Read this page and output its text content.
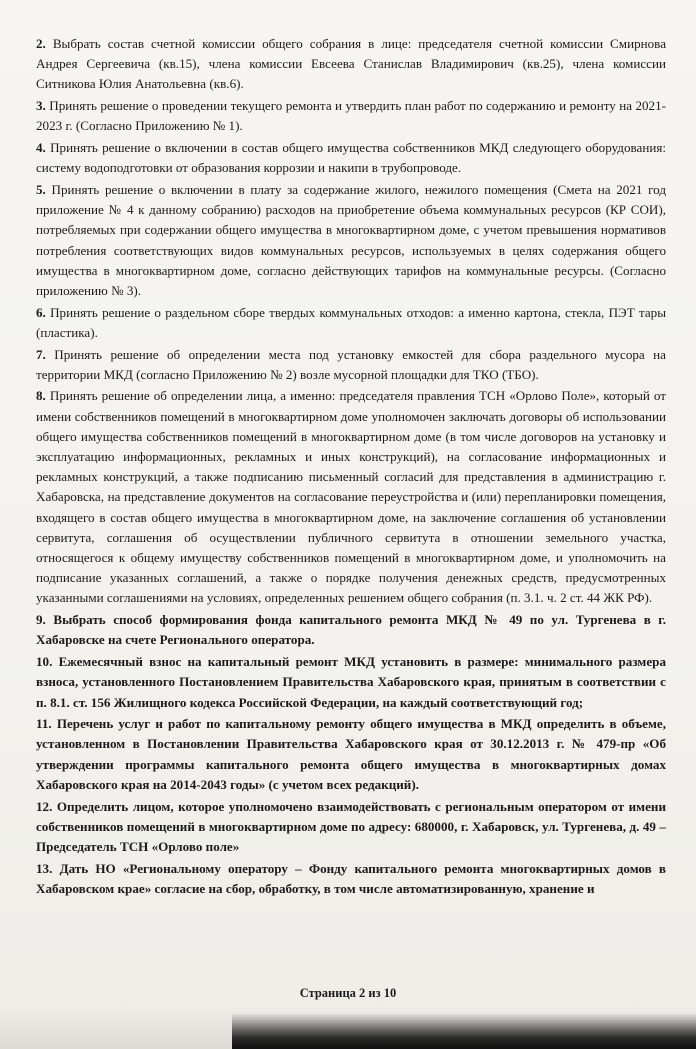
2. Выбрать состав счетной комиссии общего собрания в лице: председателя счетной комиссии Смирнова Андрея Сергеевича (кв.15), члена комиссии Евсеева Станислав Владимирович (кв.25), члена комиссии Ситникова Юлия Анатольевна (кв.6).
3. Принять решение о проведении текущего ремонта и утвердить план работ по содержанию и ремонту на 2021-2023 г. (Согласно Приложению № 1).
4. Принять решение о включении в состав общего имущества собственников МКД следующего оборудования: систему водоподготовки от образования коррозии и накипи в трубопроводе.
5. Принять решение о включении в плату за содержание жилого, нежилого помещения (Смета на 2021 год приложение № 4 к данному собранию) расходов на приобретение объема коммунальных ресурсов (КР СОИ), потребляемых при содержании общего имущества в многоквартирном доме, с учетом превышения нормативов потребления соответствующих видов коммунальных ресурсов, используемых в целях содержания общего имущества в многоквартирном доме, согласно действующих тарифов на коммунальные ресурсы. (Согласно приложению № 3).
6. Принять решение о раздельном сборе твердых коммунальных отходов: а именно картона, стекла, ПЭТ тары (пластика).
7. Принять решение об определении места под установку емкостей для сбора раздельного мусора на территории МКД (согласно Приложению № 2) возле мусорной площадки для ТКО (ТБО).
8. Принять решение об определении лица, а именно: председателя правления ТСН «Орлово Поле», который от имени собственников помещений в многоквартирном доме уполномочен заключать договоры об использовании общего имущества собственников помещений в многоквартирном доме (в том числе договоров на установку и эксплуатацию информационных, рекламных и иных конструкций), на согласование информационных и рекламных конструкций, а также подписанию письменный согласий для представления в администрацию г. Хабаровска, на представление документов на согласование переустройства и (или) перепланировки помещения, входящего в состав общего имущества в многоквартирном доме, на заключение соглашения об установлении сервитута, соглашения об осуществлении публичного сервитута в отношении земельного участка, относящегося к общему имуществу собственников помещений в многоквартирном доме, и уполномочить на подписание указанных соглашений, а также о порядке получения денежных средств, предусмотренных указанными соглашениями на условиях, определенных решением общего собрания (п. 3.1. ч. 2 ст. 44 ЖК РФ).
9. Выбрать способ формирования фонда капитального ремонта МКД № 49 по ул. Тургенева в г. Хабаровске на счете Регионального оператора.
10. Ежемесячный взнос на капитальный ремонт МКД установить в размере: минимального размера взноса, установленного Постановлением Правительства Хабаровского края, принятым в соответствии с п. 8.1. ст. 156 Жилищного кодекса Российской Федерации, на каждый соответствующий год;
11. Перечень услуг и работ по капитальному ремонту общего имущества в МКД определить в объеме, установленном в Постановлении Правительства Хабаровского края от 30.12.2013 г. № 479-пр «Об утверждении программы капитального ремонта общего имущества в многоквартирных домах Хабаровского края на 2014-2043 годы» (с учетом всех редакций).
12. Определить лицом, которое уполномочено взаимодействовать с региональным оператором от имени собственников помещений в многоквартирном доме по адресу: 680000, г. Хабаровск, ул. Тургенева, д. 49 –Председатель ТСН «Орлово поле»
13. Дать НО «Региональному оператору – Фонду капитального ремонта многоквартирных домов в Хабаровском крае» согласие на сбор, обработку, в том числе автоматизированную, хранение и
Страница 2 из 10
